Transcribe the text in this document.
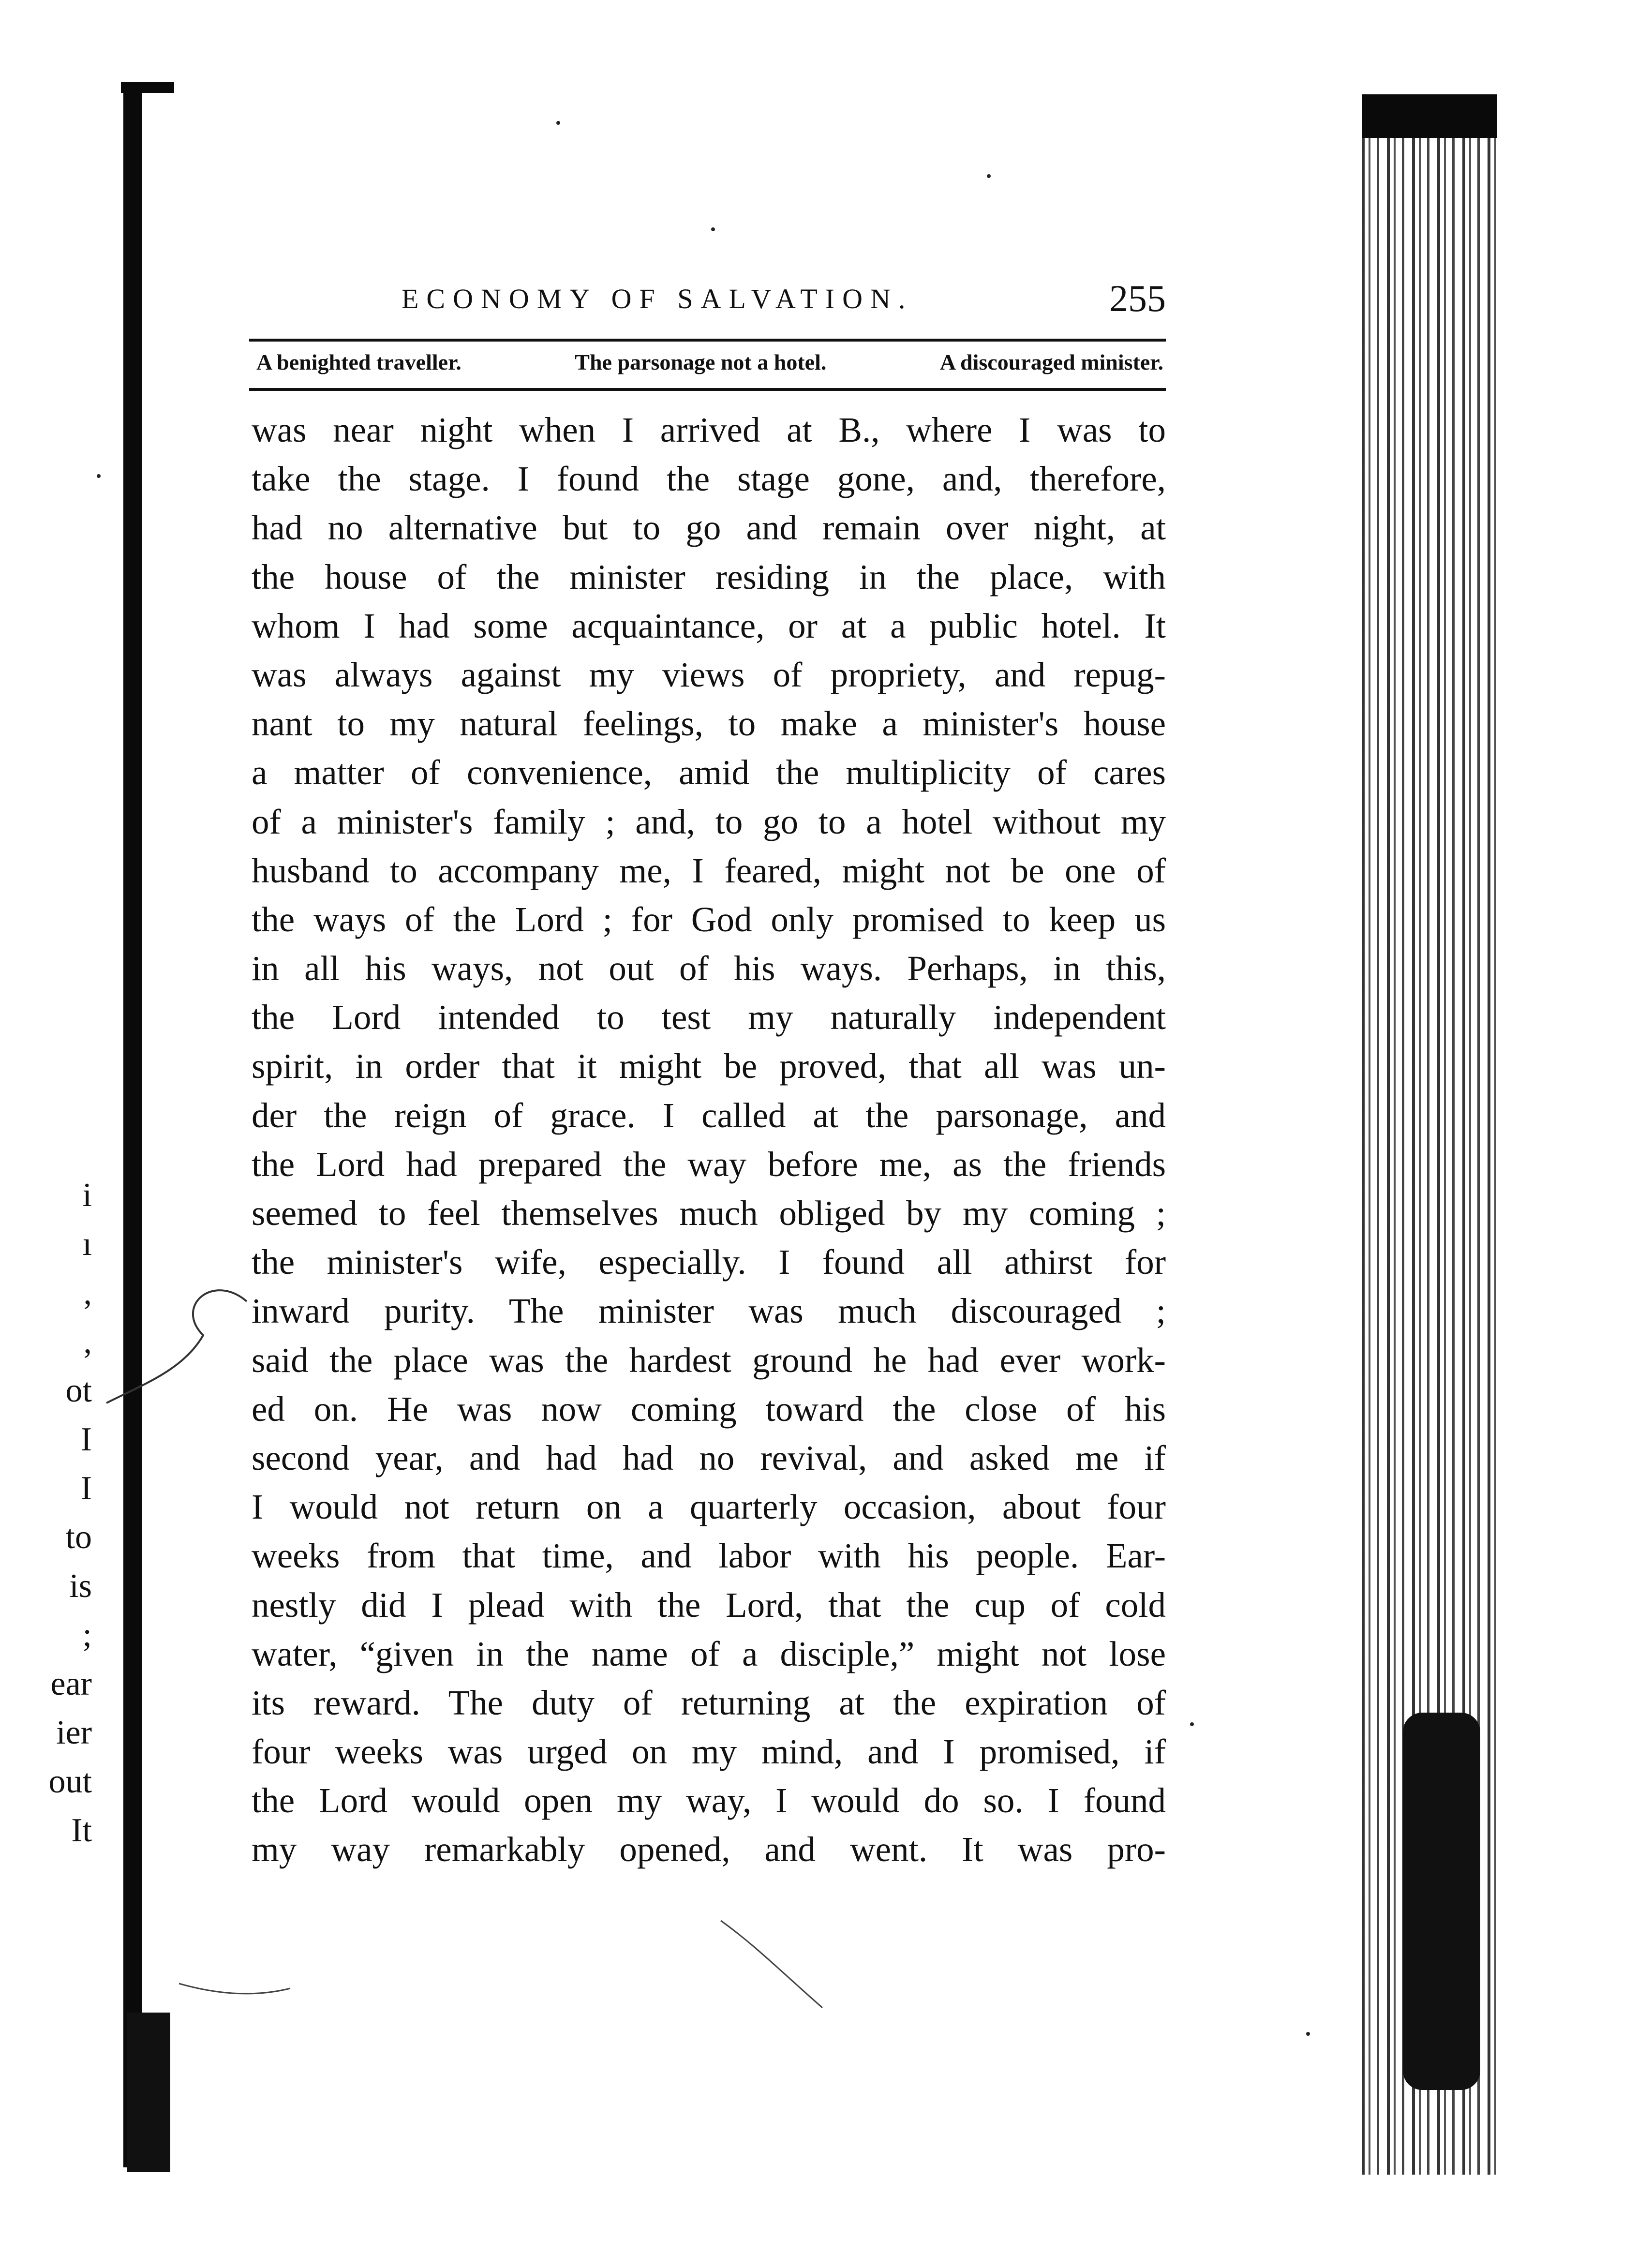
ECONOMY OF SALVATION.	255
A benighted traveller.	The parsonage not a hotel.	A discouraged minister.
was near night when I arrived at B., where I was to
take the stage. I found the stage gone, and, therefore,
had no alternative but to go and remain over night, at
the house of the minister residing in the place, with
whom I had some acquaintance, or at a public hotel. It
was always against my views of propriety, and repug-
nant to my natural feelings, to make a minister's house
a matter of convenience, amid the multiplicity of cares
of a minister's family ; and, to go to a hotel without my
husband to accompany me, I feared, might not be one of
the ways of the Lord ; for God only promised to keep us
in all his ways, not out of his ways. Perhaps, in this,
the Lord intended to test my naturally independent
spirit, in order that it might be proved, that all was un-
der the reign of grace. I called at the parsonage, and
the Lord had prepared the way before me, as the friends
seemed to feel themselves much obliged by my coming ;
the minister's wife, especially. I found all athirst for
inward purity. The minister was much discouraged ;
said the place was the hardest ground he had ever work-
ed on. He was now coming toward the close of his
second year, and had had no revival, and asked me if
I would not return on a quarterly occasion, about four
weeks from that time, and labor with his people. Ear-
nestly did I plead with the Lord, that the cup of cold
water, “given in the name of a disciple,” might not lose
its reward. The duty of returning at the expiration of
four weeks was urged on my mind, and I promised, if
the Lord would open my way, I would do so. I found
my way remarkably opened, and went. It was pro-
i
ı
,
,
ot
I
I
to
is
;
ear
ier
out
It
